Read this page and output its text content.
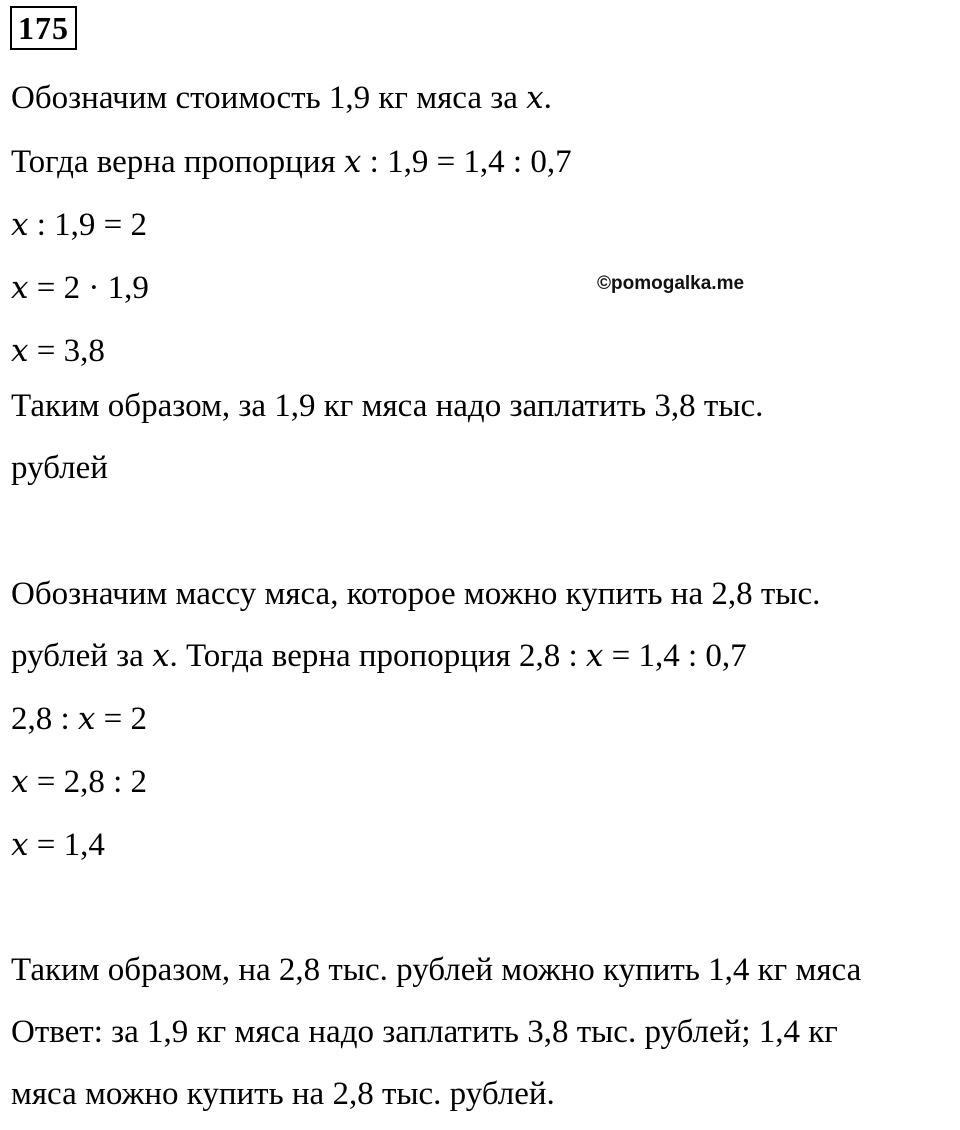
175
Обозначим стоимость 1,9 кг мяса за x.
Тогда верна пропорция x : 1,9 = 1,4 : 0,7
x : 1,9 = 2
x = 2 · 1,9	©pomogalka.me
x = 3,8
Таким образом, за 1,9 кг мяса надо заплатить 3,8 тыс.
рублей
Обозначим массу мяса, которое можно купить на 2,8 тыс.
рублей за x. Тогда верна пропорция 2,8 : x = 1,4 : 0,7
2,8 : x = 2
x = 2,8 : 2
x = 1,4
Таким образом, на 2,8 тыс. рублей можно купить 1,4 кг мяса
Ответ: за 1,9 кг мяса надо заплатить 3,8 тыс. рублей; 1,4 кг
мяса можно купить на 2,8 тыс. рублей.
